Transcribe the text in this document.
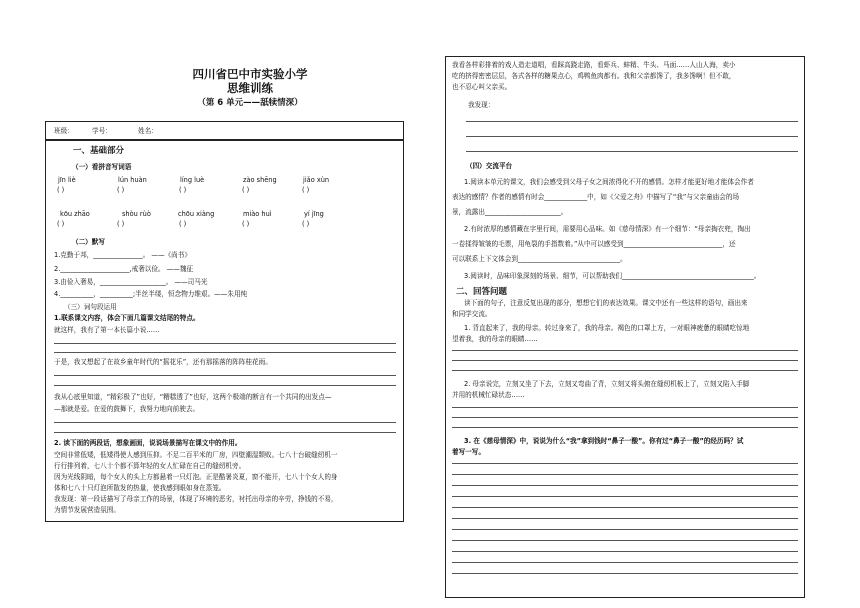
四川省巴中市实验小学
思维训练
（第 6 单元——舐犊情深）
班级：	学号：	姓名：
一、基础部分
（一）看拼音写词语
jīn liè	lún huàn	líng luè	zào shēng	jiǎo xùn
( )	( )	( )	( )	( )
kōu zhāo	shòu rùò	chōu xiàng	miào huì	yí jīng
( )	( )	( )	( )	( )
（二）默写
1.克勤于邦，_______________。 ——《尚书》
2._____________________,戒奢以俭。 ——魏征
3.由俭入奢易，____________________。 ——司马光
4.__________，__________;半丝半缕，恒念物力维艰。——朱用纯
（三）词句段运用
1.联系课文内容，体会下面几篇课文结尾的特点。
就这样，我有了第一本长篇小说……
于是，我又想起了在故乡童年时代的“摇花乐”，还有那摇落的阵阵桂花雨。
我从心底里知道，“精彩极了”也好，“糟糕透了”也好，这两个极端的断言有一个共同的出发点—
—那就是爱。在爱的鼓舞下，我努力地向前驶去。
2. 读下面的两段话，想象画面，说说场景描写在课文中的作用。
空间非常低矮，低矮得使人感到压抑。不足二百平米的厂房，四壁潮湿颓败。七八十台破缝纫机一
行行排列着，七八十个都不算年轻的女人忙碌在自己的缝纫机旁。
因为光线阴暗，每个女人的头上方都悬着一只灯泡。正是酷暑炎夏，窗不能开，七八十个女人的身
体和七八十只灯泡所散发的热量，使我感到眼如身在蒸笼。
我发现：第一段话描写了母亲工作的场景，体现了环境的恶劣，衬托出母亲的辛劳，挣钱的不易，
为情节发展营造氛围。
我看各样彩排着的戏人造走道唱，看踩高跷走路，看虾兵、蚌精、牛头、马面……人山人海，卖小
吃的挤得密密层层，各式各样的糖果点心，鸡鸭鱼肉都有。我和父亲都馋了，我多馋啊！但不敢，
也不忍心叫父亲买。
我发现：
（四）交流平台
1.阅读本单元的课文，我们会感受到父母子女之间浓得化不开的感情。怎样才能更好地才能体会作者
表达的感情？作者的感情有时会_____________中，如《父爱之舟》中描写了“我”与父亲童庙会的场
景，流露出_______________________。
2.有时浓厚的感情藏在字里行间，需要用心品味。如《慈母情深》有一个细节：“母亲掏衣兜，掏出
一卷揉得皱皱的毛票，用龟裂的手指数着。”从中可以感受到______________________________，还
可以联系上下文体会到_______________________________。
3.阅读时，品味印象深刻的场景、细节，可以帮助我们________________________________________。
二、回答问题
读下面的句子，注意反复出现的部分，想想它们的表达效果。课文中还有一些这样的语句，画出来
和同学交流。
1. 背直起来了，我的母亲。转过身来了，我的母亲。褐色的口罩上方，一对眼神疲惫的眼睛吃惊地
望着我，我的母亲的眼睛……
2. 母亲说完，立刻又坐了下去，立刻又弯曲了背，立刻又将头俯在缝纫机板上了，立刻又陷入手脚
并用的机械忙碌状态……
3. 在《慈母情深》中，说说为什么“我”拿到钱时“鼻子一酸”。你有过“鼻子一酸”的经历吗？试
着写一写。
